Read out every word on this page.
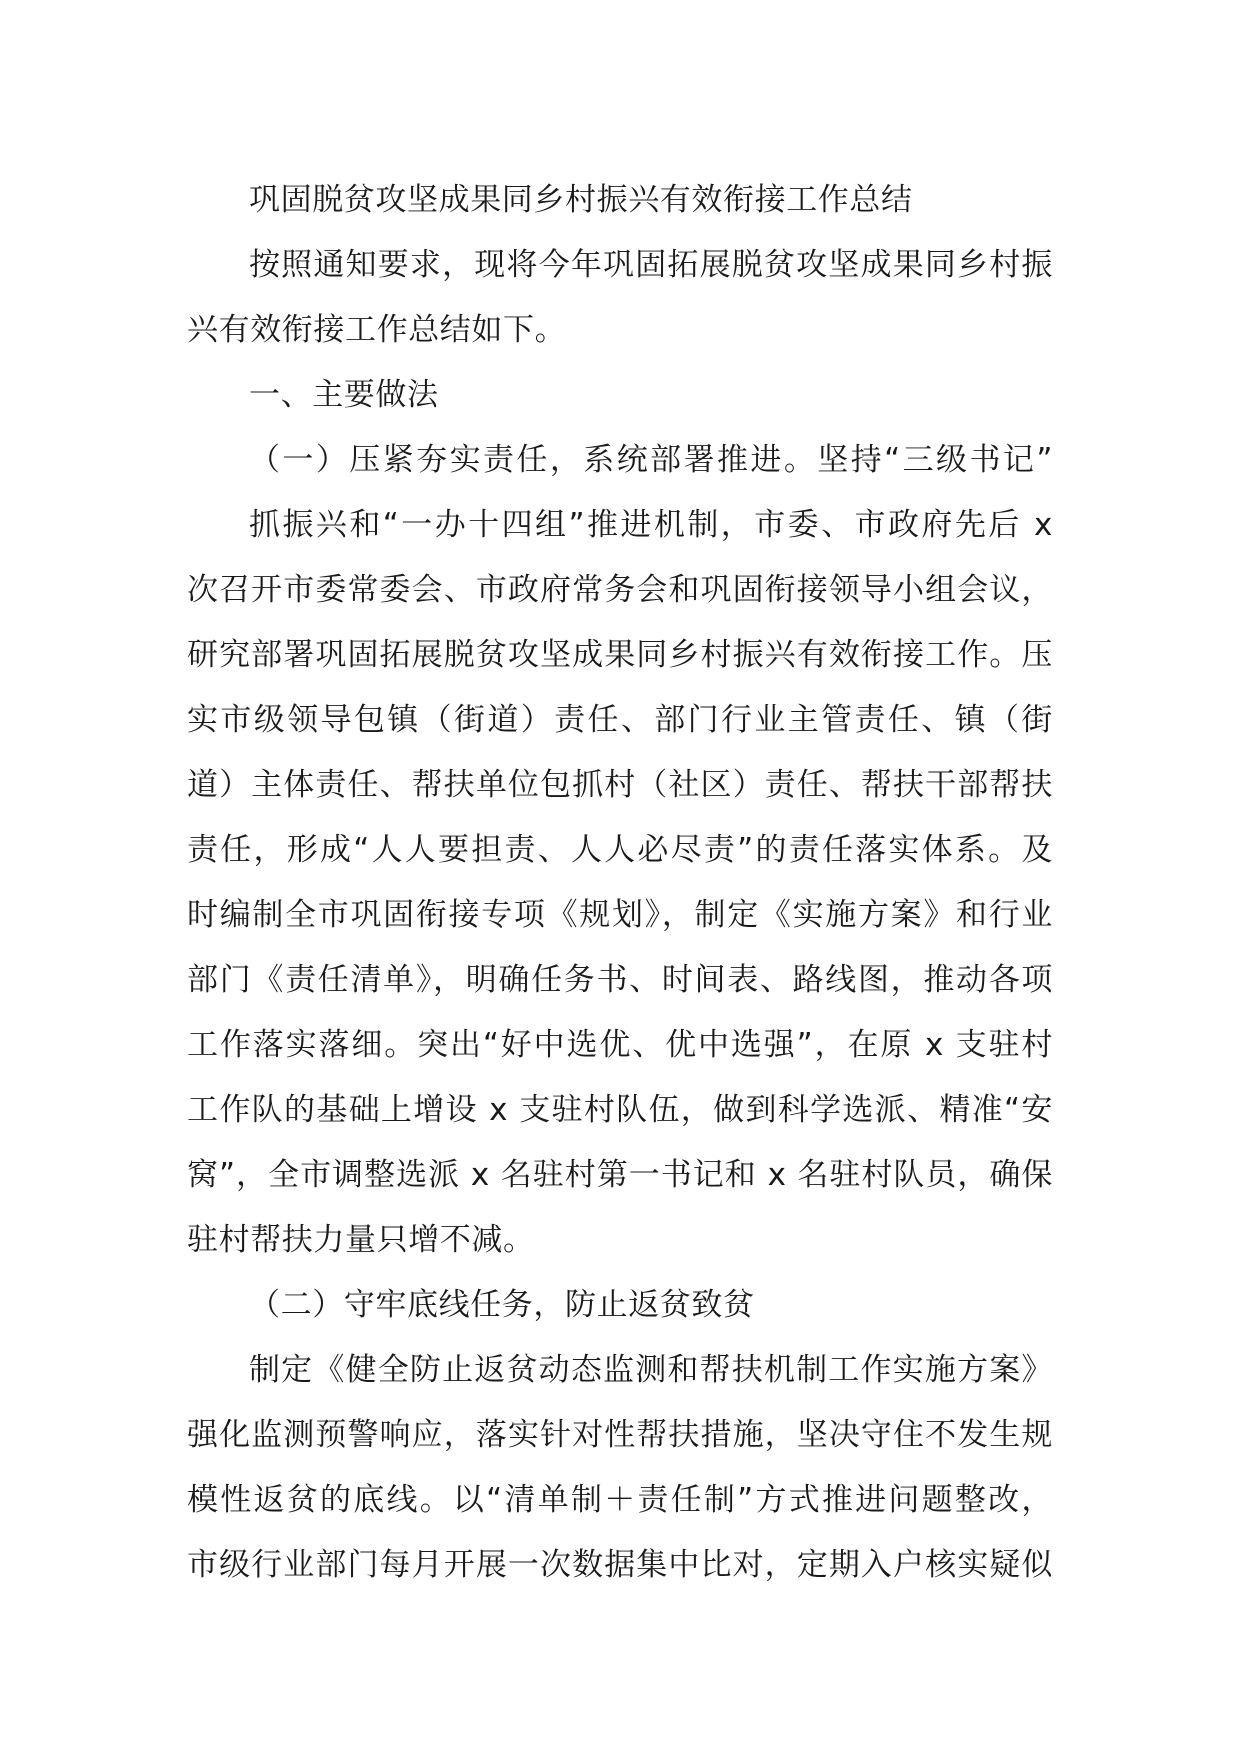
巩固脱贫攻坚成果同乡村振兴有效衔接工作总结
按照通知要求，现将今年巩固拓展脱贫攻坚成果同乡村振
兴有效衔接工作总结如下。
一、主要做法
（一）压紧夯实责任，系统部署推进。坚持“三级书记”
抓振兴和“一办十四组”推进机制，市委、市政府先后 x
次召开市委常委会、市政府常务会和巩固衔接领导小组会议，
研究部署巩固拓展脱贫攻坚成果同乡村振兴有效衔接工作。压
实市级领导包镇（街道）责任、部门行业主管责任、镇（街
道）主体责任、帮扶单位包抓村（社区）责任、帮扶干部帮扶
责任，形成“人人要担责、人人必尽责”的责任落实体系。及
时编制全市巩固衔接专项《规划》，制定《实施方案》和行业
部门《责任清单》，明确任务书、时间表、路线图，推动各项
工作落实落细。突出“好中选优、优中选强”，在原 x 支驻村
工作队的基础上增设 x 支驻村队伍，做到科学选派、精准“安
窝”，全市调整选派 x 名驻村第一书记和 x 名驻村队员，确保
驻村帮扶力量只增不减。
（二）守牢底线任务，防止返贫致贫
制定《健全防止返贫动态监测和帮扶机制工作实施方案》
强化监测预警响应，落实针对性帮扶措施，坚决守住不发生规
模性返贫的底线。以“清单制＋责任制”方式推进问题整改，
市级行业部门每月开展一次数据集中比对，定期入户核实疑似
